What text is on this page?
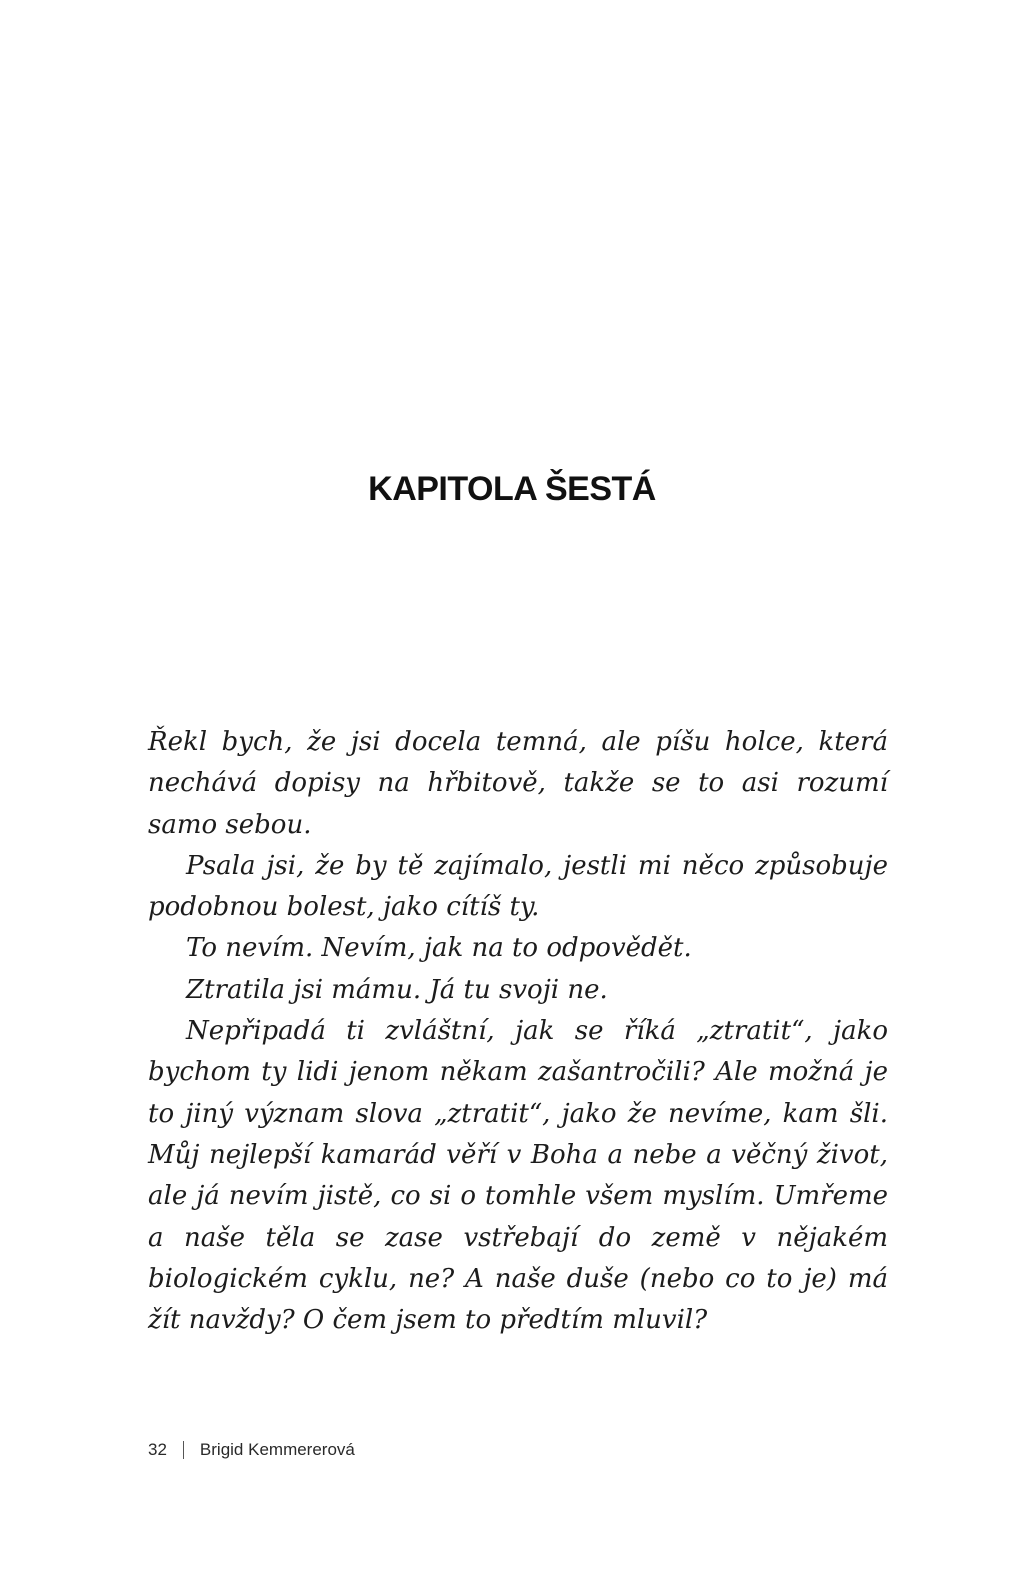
KAPITOLA ŠESTÁ

Řekl bych, že jsi docela temná, ale píšu holce, která nechává dopisy na hřbitově, takže se to asi rozumí samo sebou.

Psala jsi, že by tě zajímalo, jestli mi něco způsobuje podobnou bolest, jako cítíš ty.

To nevím. Nevím, jak na to odpovědět.

Ztratila jsi mámu. Já tu svoji ne.

Nepřipadá ti zvláštní, jak se říká „ztratit“, jako bychom ty lidi jenom někam zašantročili? Ale možná je to jiný význam slova „ztratit“, jako že nevíme, kam šli. Můj nejlepší kamarád věří v Boha a nebe a věčný život, ale já nevím jistě, co si o tomhle všem myslím. Umřeme a naše těla se zase vstřebají do země v nějakém biologickém cyklu, ne? A naše duše (nebo co to je) má žít navždy? O čem jsem to předtím mluvil?

32 Brigid Kemmererová
